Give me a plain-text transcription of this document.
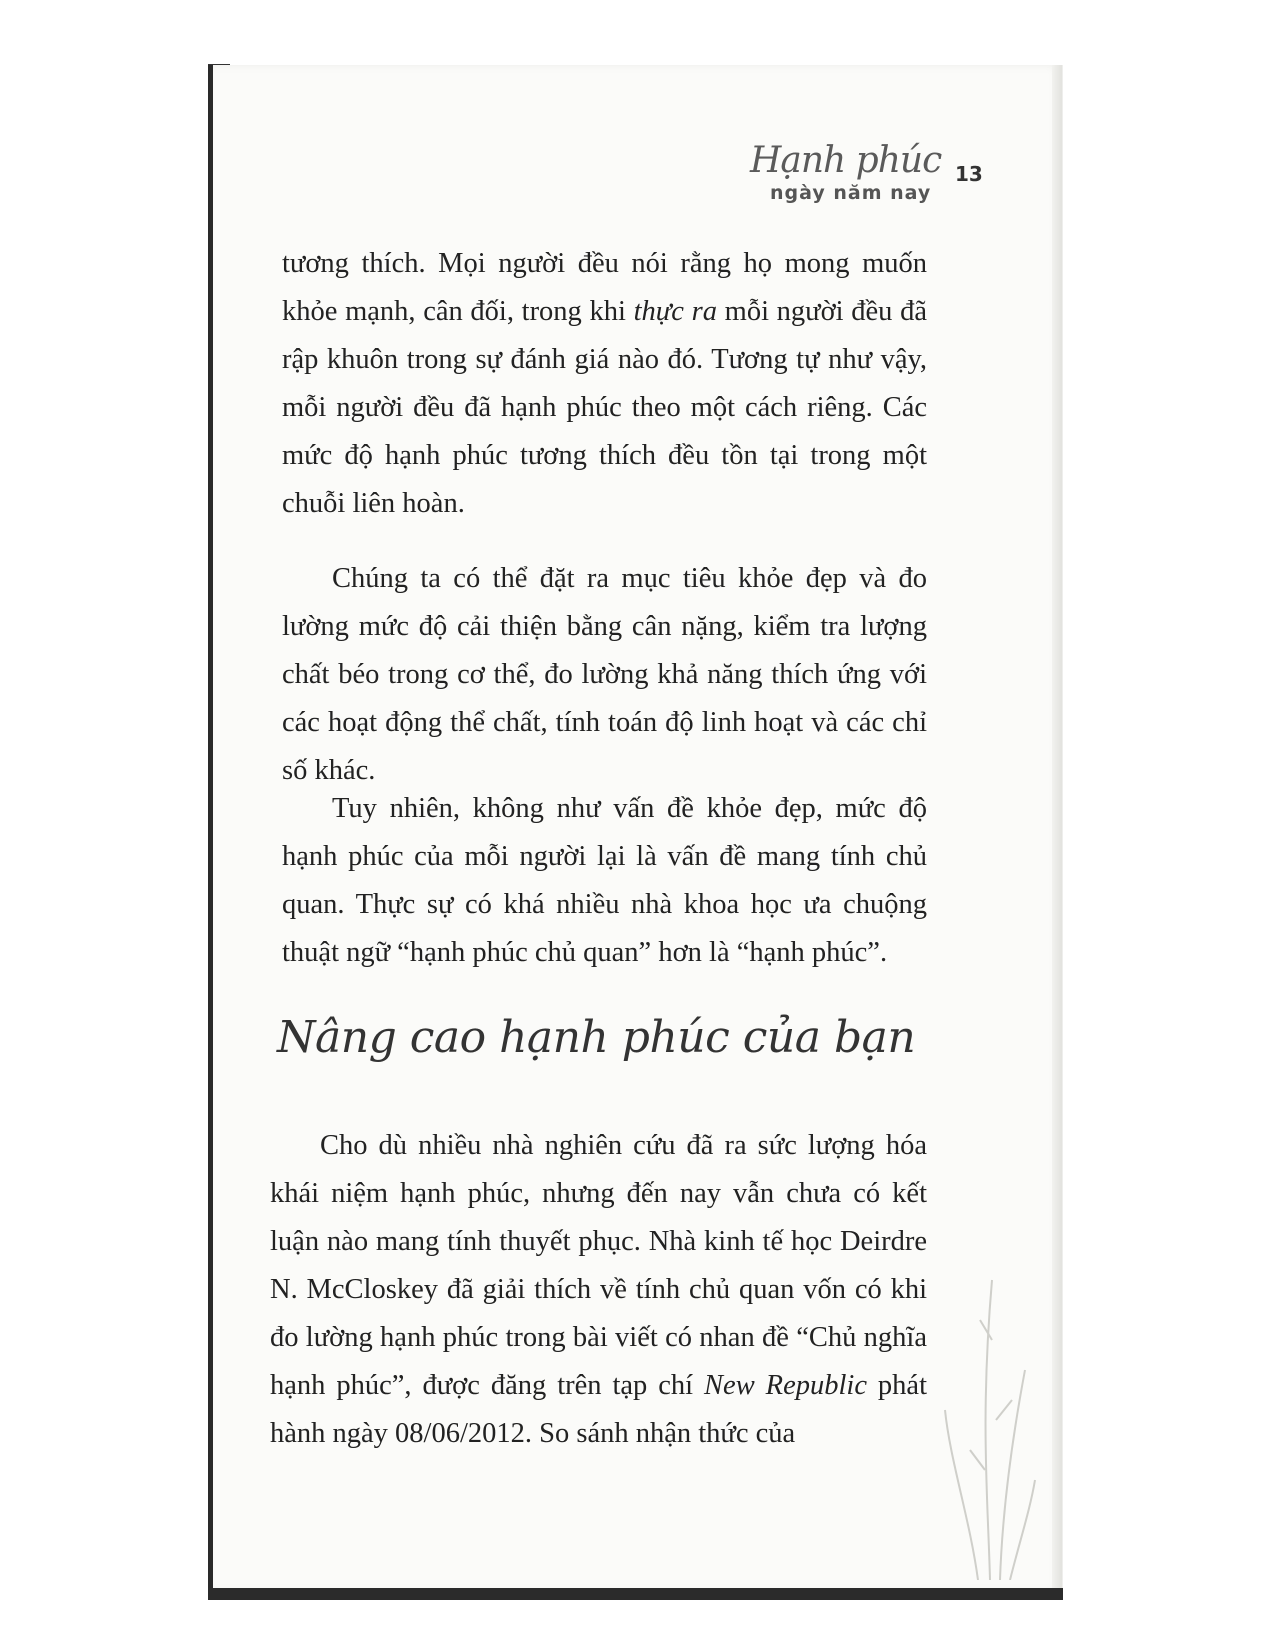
Hạnh phúc
ngày năm nay
13

tương thích. Mọi người đều nói rằng họ mong muốn khỏe mạnh, cân đối, trong khi thực ra mỗi người đều đã rập khuôn trong sự đánh giá nào đó. Tương tự như vậy, mỗi người đều đã hạnh phúc theo một cách riêng. Các mức độ hạnh phúc tương thích đều tồn tại trong một chuỗi liên hoàn.

Chúng ta có thể đặt ra mục tiêu khỏe đẹp và đo lường mức độ cải thiện bằng cân nặng, kiểm tra lượng chất béo trong cơ thể, đo lường khả năng thích ứng với các hoạt động thể chất, tính toán độ linh hoạt và các chỉ số khác.

Tuy nhiên, không như vấn đề khỏe đẹp, mức độ hạnh phúc của mỗi người lại là vấn đề mang tính chủ quan. Thực sự có khá nhiều nhà khoa học ưa chuộng thuật ngữ “hạnh phúc chủ quan” hơn là “hạnh phúc”.

Nâng cao hạnh phúc của bạn

Cho dù nhiều nhà nghiên cứu đã ra sức lượng hóa khái niệm hạnh phúc, nhưng đến nay vẫn chưa có kết luận nào mang tính thuyết phục. Nhà kinh tế học Deirdre N. McCloskey đã giải thích về tính chủ quan vốn có khi đo lường hạnh phúc trong bài viết có nhan đề “Chủ nghĩa hạnh phúc”, được đăng trên tạp chí New Republic phát hành ngày 08/06/2012. So sánh nhận thức của
